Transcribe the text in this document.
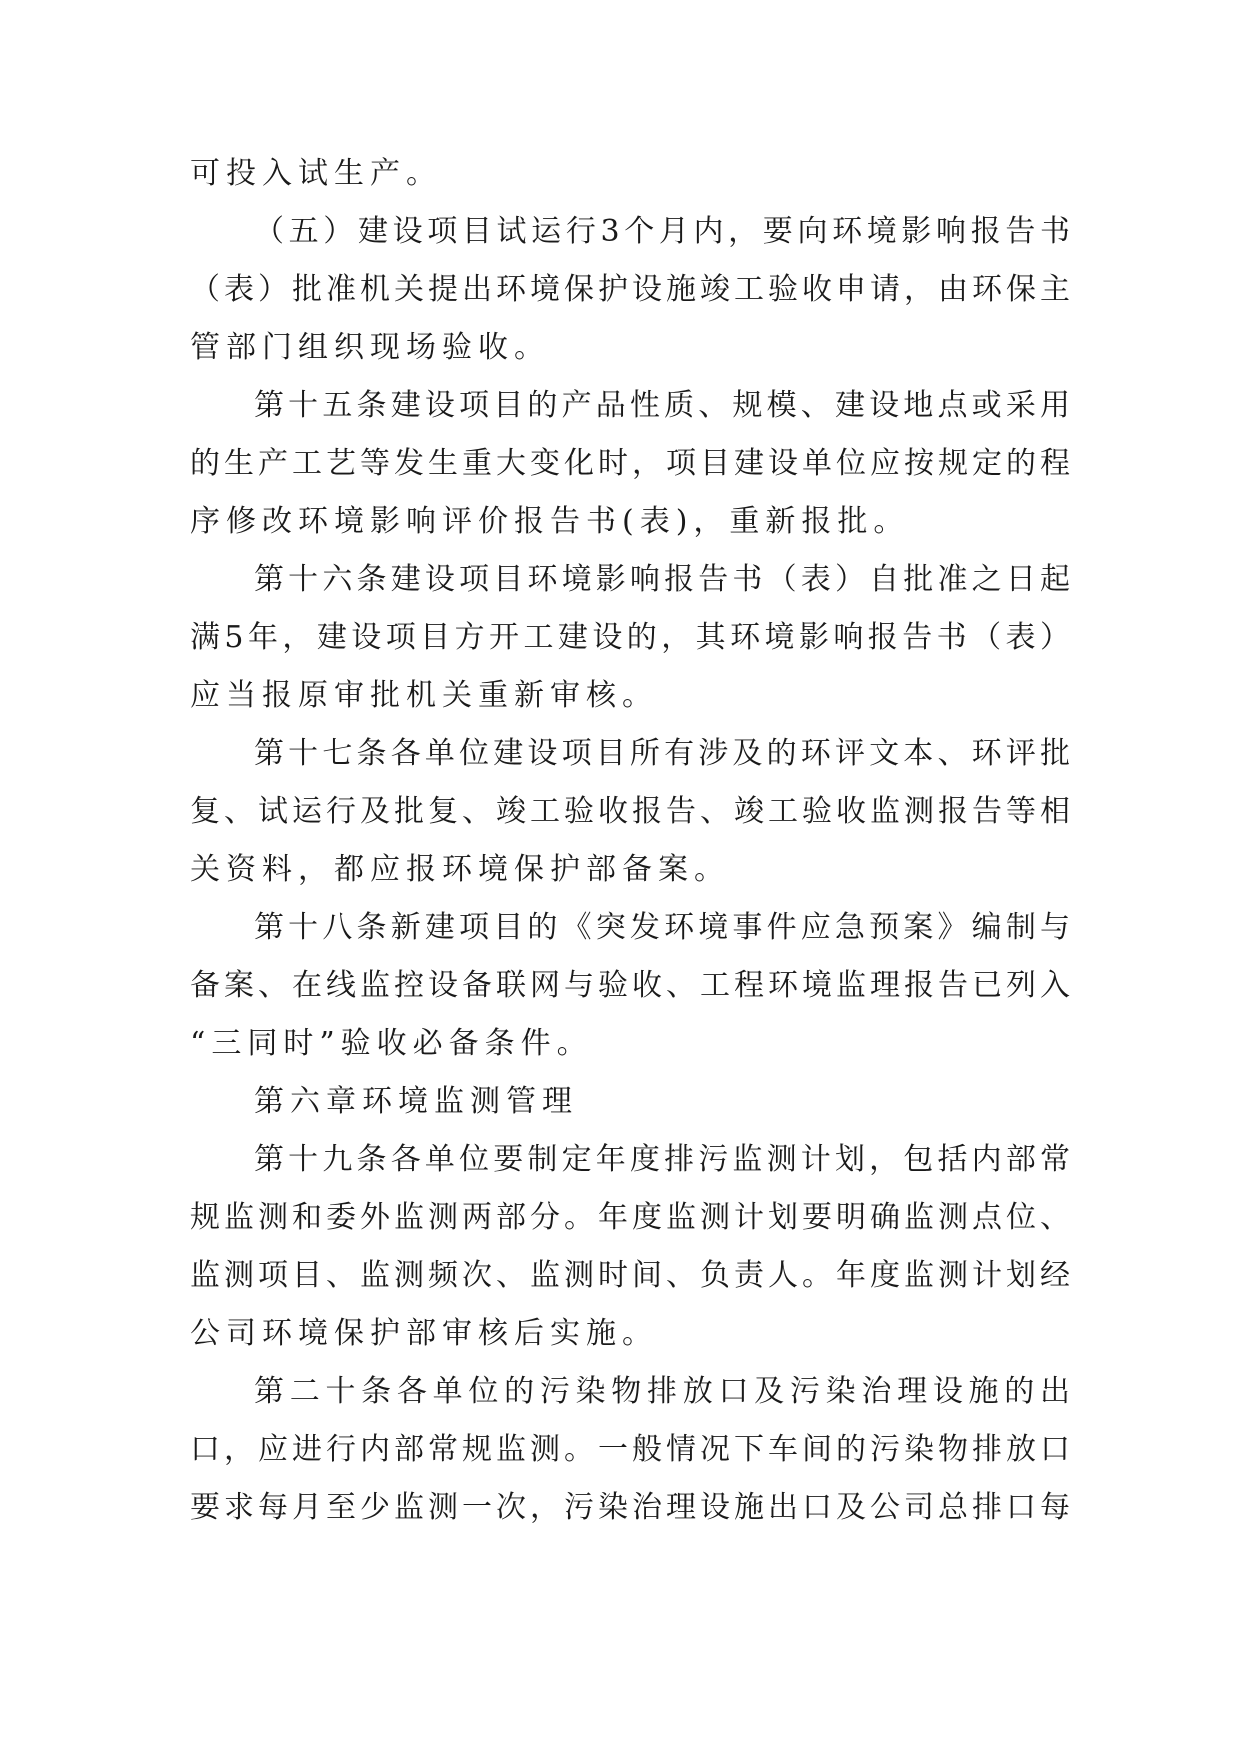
可投入试生产。
（五）建设项目试运行3个月内，要向环境影响报告书
（表）批准机关提出环境保护设施竣工验收申请，由环保主
管部门组织现场验收。
第十五条建设项目的产品性质、规模、建设地点或采用
的生产工艺等发生重大变化时，项目建设单位应按规定的程
序修改环境影响评价报告书(表)，重新报批。
第十六条建设项目环境影响报告书（表）自批准之日起
满5年，建设项目方开工建设的，其环境影响报告书（表）
应当报原审批机关重新审核。
第十七条各单位建设项目所有涉及的环评文本、环评批
复、试运行及批复、竣工验收报告、竣工验收监测报告等相
关资料，都应报环境保护部备案。
第十八条新建项目的《突发环境事件应急预案》编制与
备案、在线监控设备联网与验收、工程环境监理报告已列入
“三同时”验收必备条件。
第六章环境监测管理
第十九条各单位要制定年度排污监测计划，包括内部常
规监测和委外监测两部分。年度监测计划要明确监测点位、
监测项目、监测频次、监测时间、负责人。年度监测计划经
公司环境保护部审核后实施。
第二十条各单位的污染物排放口及污染治理设施的出
口，应进行内部常规监测。一般情况下车间的污染物排放口
要求每月至少监测一次，污染治理设施出口及公司总排口每
